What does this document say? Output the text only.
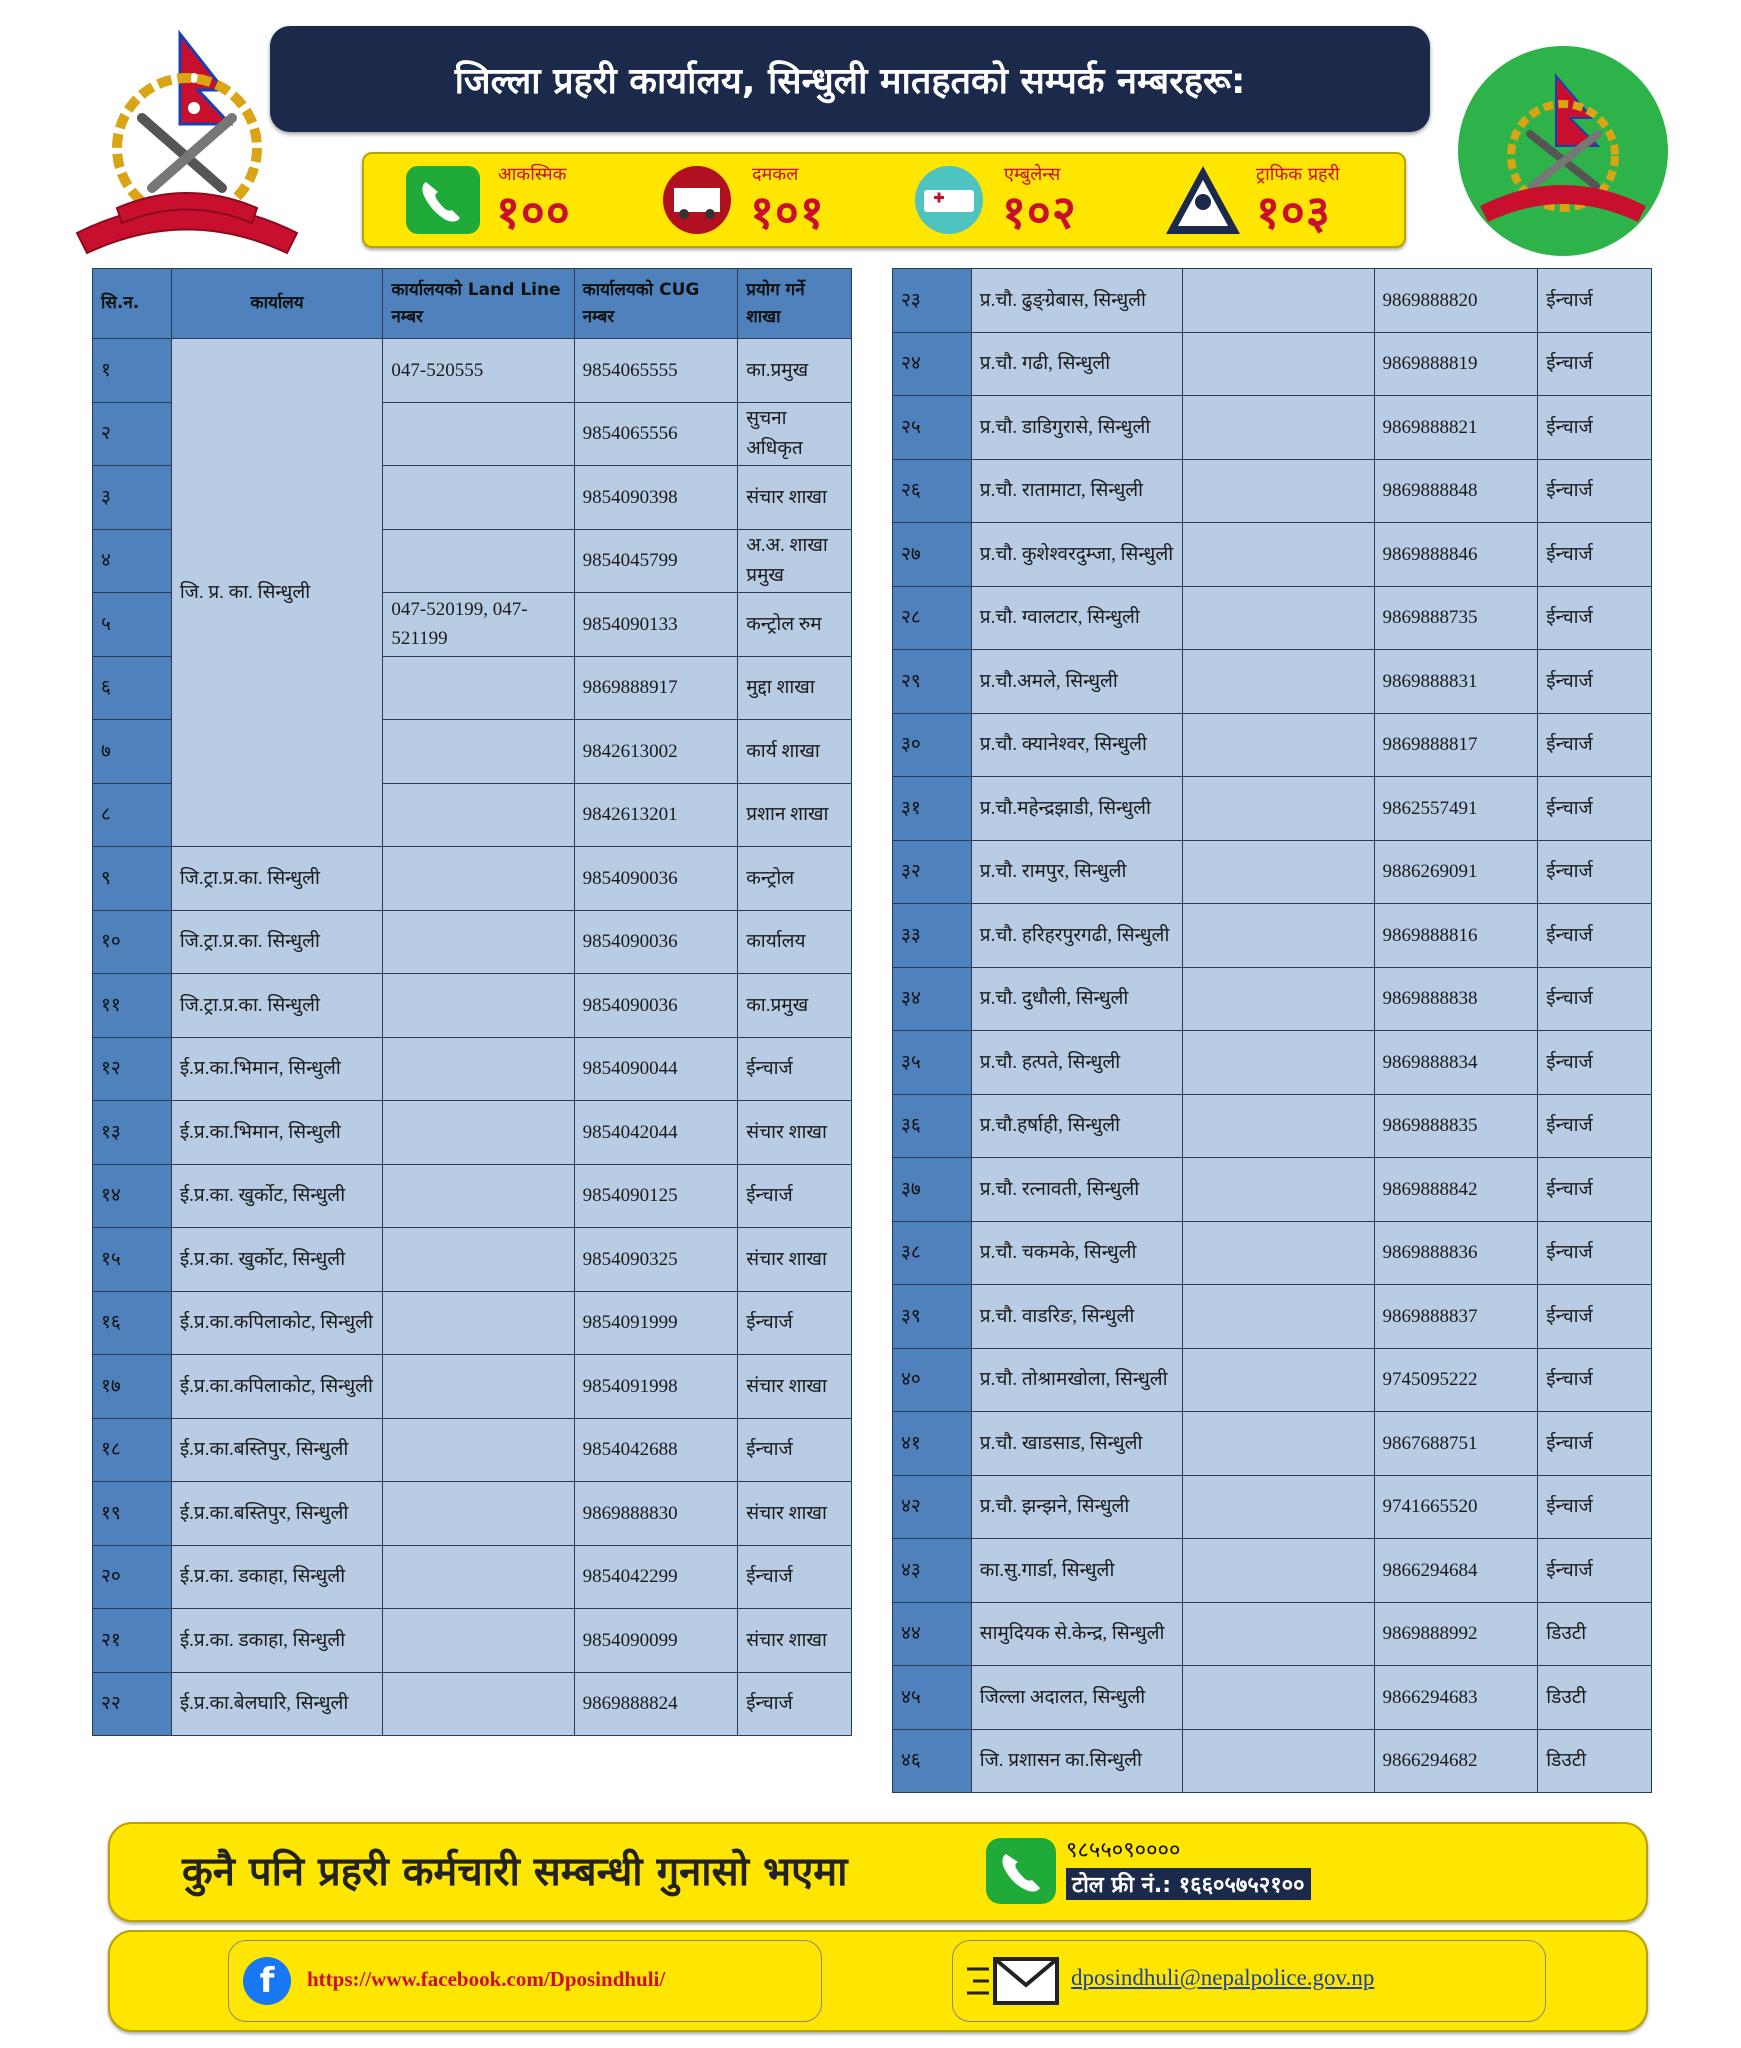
जिल्ला प्रहरी कार्यालय, सिन्धुली मातहतको सम्पर्क नम्बरहरू:
आकस्मिक
१००
दमकल
१०१
एम्बुलेन्स
१०२
ट्राफिक प्रहरी
१०३
सि.न.	कार्यालय	कार्यालयको Land Line नम्बर	कार्यालयको CUG नम्बर	प्रयोग गर्ने शाखा
१	जि. प्र. का. सिन्धुली	047-520555	9854065555	का.प्रमुख
२			9854065556	सुचना अधिकृत
३			9854090398	संचार शाखा
४			9854045799	अ.अ. शाखा प्रमुख
५		047-520199, 047-521199	9854090133	कन्ट्रोल रुम
६			9869888917	मुद्दा शाखा
७			9842613002	कार्य शाखा
८			9842613201	प्रशान शाखा
९	जि.ट्रा.प्र.का. सिन्धुली		9854090036	कन्ट्रोल
१०	जि.ट्रा.प्र.का. सिन्धुली		9854090036	कार्यालय
११	जि.ट्रा.प्र.का. सिन्धुली		9854090036	का.प्रमुख
१२	ई.प्र.का.भिमान, सिन्धुली		9854090044	ईन्चार्ज
१३	ई.प्र.का.भिमान, सिन्धुली		9854042044	संचार शाखा
१४	ई.प्र.का. खुर्कोट, सिन्धुली		9854090125	ईन्चार्ज
१५	ई.प्र.का. खुर्कोट, सिन्धुली		9854090325	संचार शाखा
१६	ई.प्र.का.कपिलाकोट, सिन्धुली		9854091999	ईन्चार्ज
१७	ई.प्र.का.कपिलाकोट, सिन्धुली		9854091998	संचार शाखा
१८	ई.प्र.का.बस्तिपुर, सिन्धुली		9854042688	ईन्चार्ज
१९	ई.प्र.का.बस्तिपुर, सिन्धुली		9869888830	संचार शाखा
२०	ई.प्र.का. डकाहा, सिन्धुली		9854042299	ईन्चार्ज
२१	ई.प्र.का. डकाहा, सिन्धुली		9854090099	संचार शाखा
२२	ई.प्र.का.बेलघारि, सिन्धुली		9869888824	ईन्चार्ज
२३	प्र.चौ. ढुङ्ग्रेबास, सिन्धुली		9869888820	ईन्चार्ज
२४	प्र.चौ. गढी, सिन्धुली		9869888819	ईन्चार्ज
२५	प्र.चौ. डाडिगुरासे, सिन्धुली		9869888821	ईन्चार्ज
२६	प्र.चौ. रातामाटा, सिन्धुली		9869888848	ईन्चार्ज
२७	प्र.चौ. कुशेश्वरदुम्जा, सिन्धुली		9869888846	ईन्चार्ज
२८	प्र.चौ. ग्वालटार, सिन्धुली		9869888735	ईन्चार्ज
२९	प्र.चौ.अमले, सिन्धुली		9869888831	ईन्चार्ज
३०	प्र.चौ. क्यानेश्वर, सिन्धुली		9869888817	ईन्चार्ज
३१	प्र.चौ.महेन्द्रझाडी, सिन्धुली		9862557491	ईन्चार्ज
३२	प्र.चौ. रामपुर, सिन्धुली		9886269091	ईन्चार्ज
३३	प्र.चौ. हरिहरपुरगढी, सिन्धुली		9869888816	ईन्चार्ज
३४	प्र.चौ. दुधौली, सिन्धुली		9869888838	ईन्चार्ज
३५	प्र.चौ. हत्पते, सिन्धुली		9869888834	ईन्चार्ज
३६	प्र.चौ.हर्षाही, सिन्धुली		9869888835	ईन्चार्ज
३७	प्र.चौ. रत्नावती, सिन्धुली		9869888842	ईन्चार्ज
३८	प्र.चौ. चकमके, सिन्धुली		9869888836	ईन्चार्ज
३९	प्र.चौ. वाडरिङ, सिन्धुली		9869888837	ईन्चार्ज
४०	प्र.चौ. तोश्रामखोला, सिन्धुली		9745095222	ईन्चार्ज
४१	प्र.चौ. खाडसाड, सिन्धुली		9867688751	ईन्चार्ज
४२	प्र.चौ. झन्झने, सिन्धुली		9741665520	ईन्चार्ज
४३	का.सु.गार्डा, सिन्धुली		9866294684	ईन्चार्ज
४४	सामुदियक से.केन्द्र, सिन्धुली		9869888992	डिउटी
४५	जिल्ला अदालत, सिन्धुली		9866294683	डिउटी
४६	जि. प्रशासन का.सिन्धुली		9866294682	डिउटी
कुनै पनि प्रहरी कर्मचारी सम्बन्धी गुनासो भएमा	९८५५०९००००
टोल फ्री नं.: १६६०५७५२१००
f	https://www.facebook.com/Dposindhuli/	dposindhuli@nepalpolice.gov.np
